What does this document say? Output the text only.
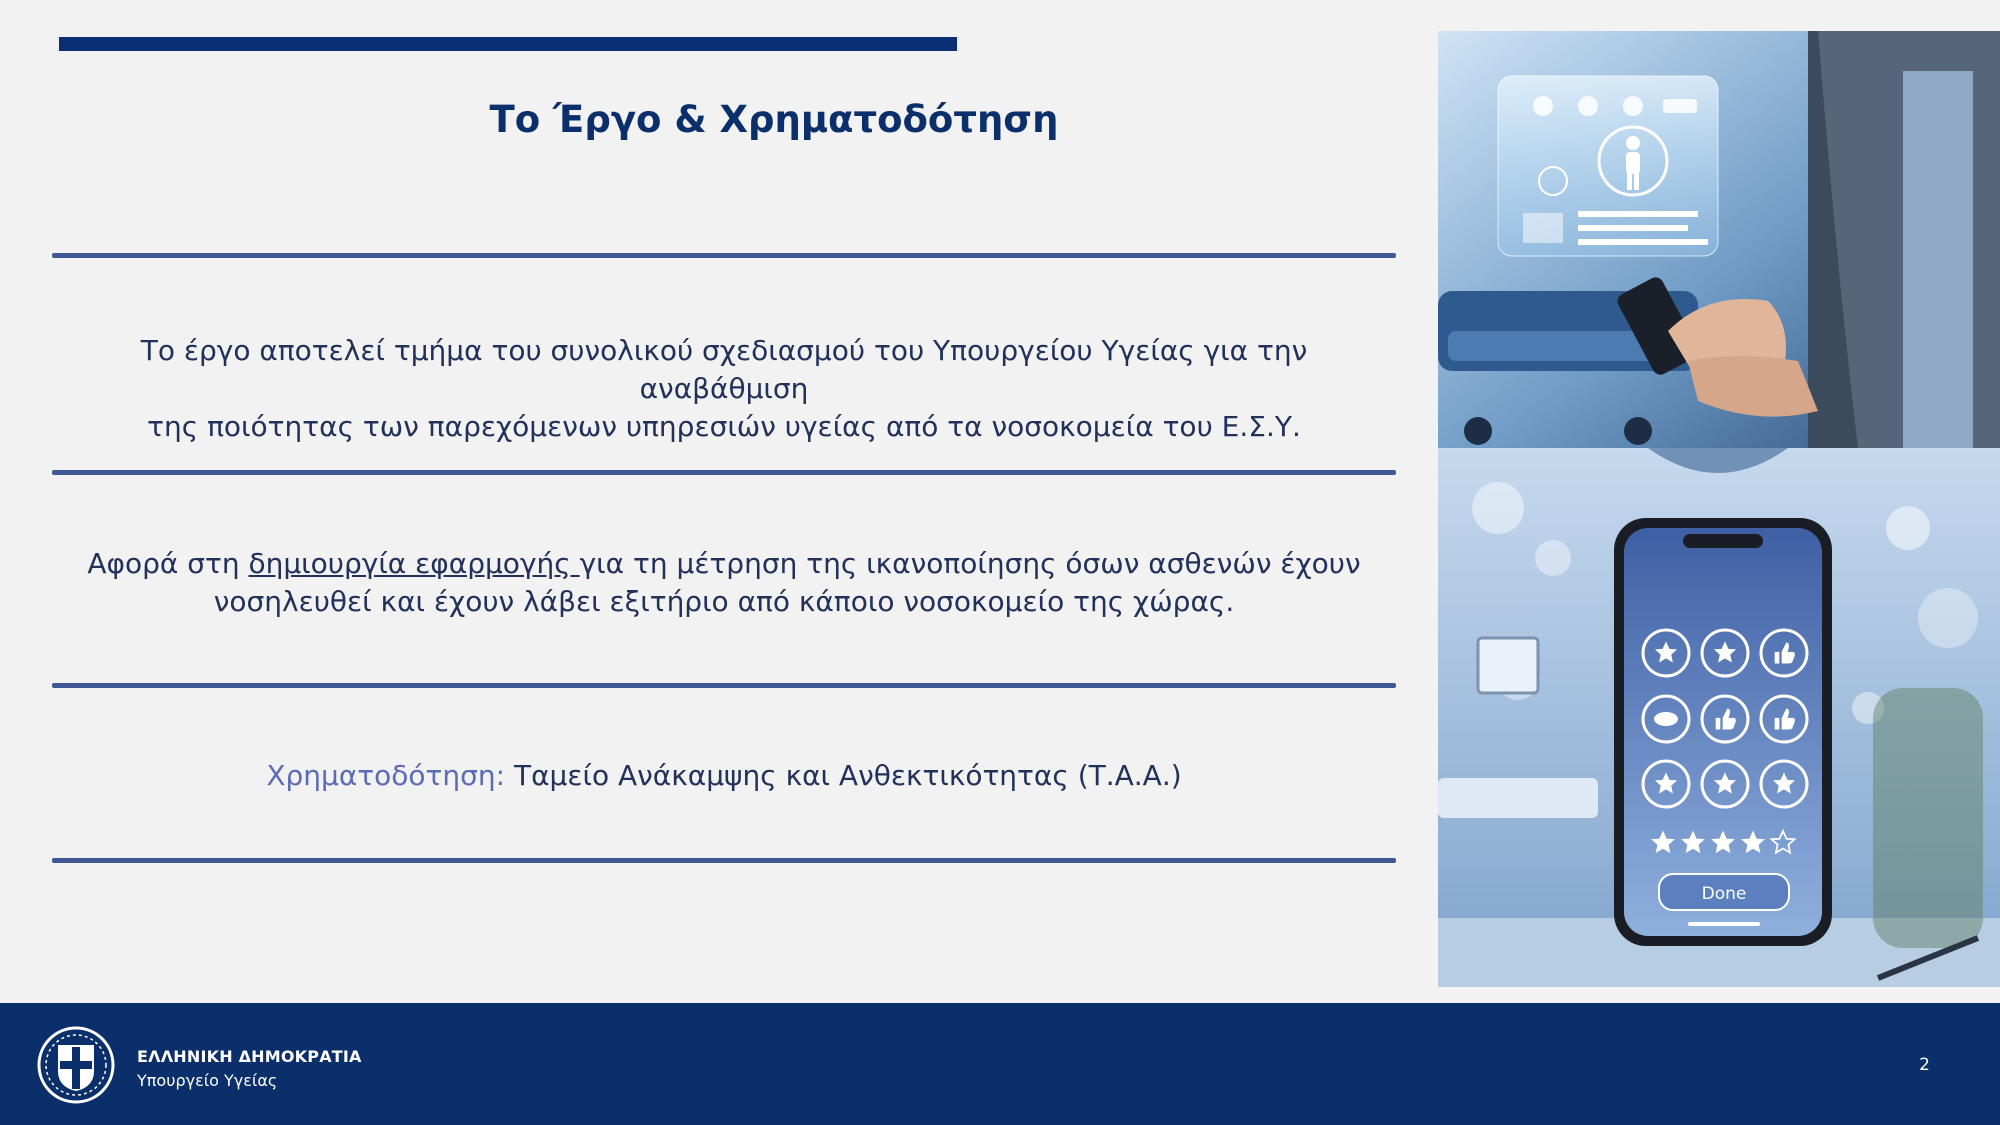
Το Έργο & Χρηματοδότηση
Το έργο αποτελεί τμήμα του συνολικού σχεδιασμού του Υπουργείου Υγείας για την αναβάθμιση
της ποιότητας των παρεχόμενων υπηρεσιών υγείας από τα νοσοκομεία του Ε.Σ.Υ.
Αφορά στη δημιουργία εφαρμογής για τη μέτρηση της ικανοποίησης όσων ασθενών έχουν
νοσηλευθεί και έχουν λάβει εξιτήριο από κάποιο νοσοκομείο της χώρας.
Χρηματοδότηση: Ταμείο Ανάκαμψης και Ανθεκτικότητας (Τ.Α.Α.)
Done
ΕΛΛΗΝΙΚΗ ΔΗΜΟΚΡΑΤΙΑ
Υπουργείο Υγείας
2
